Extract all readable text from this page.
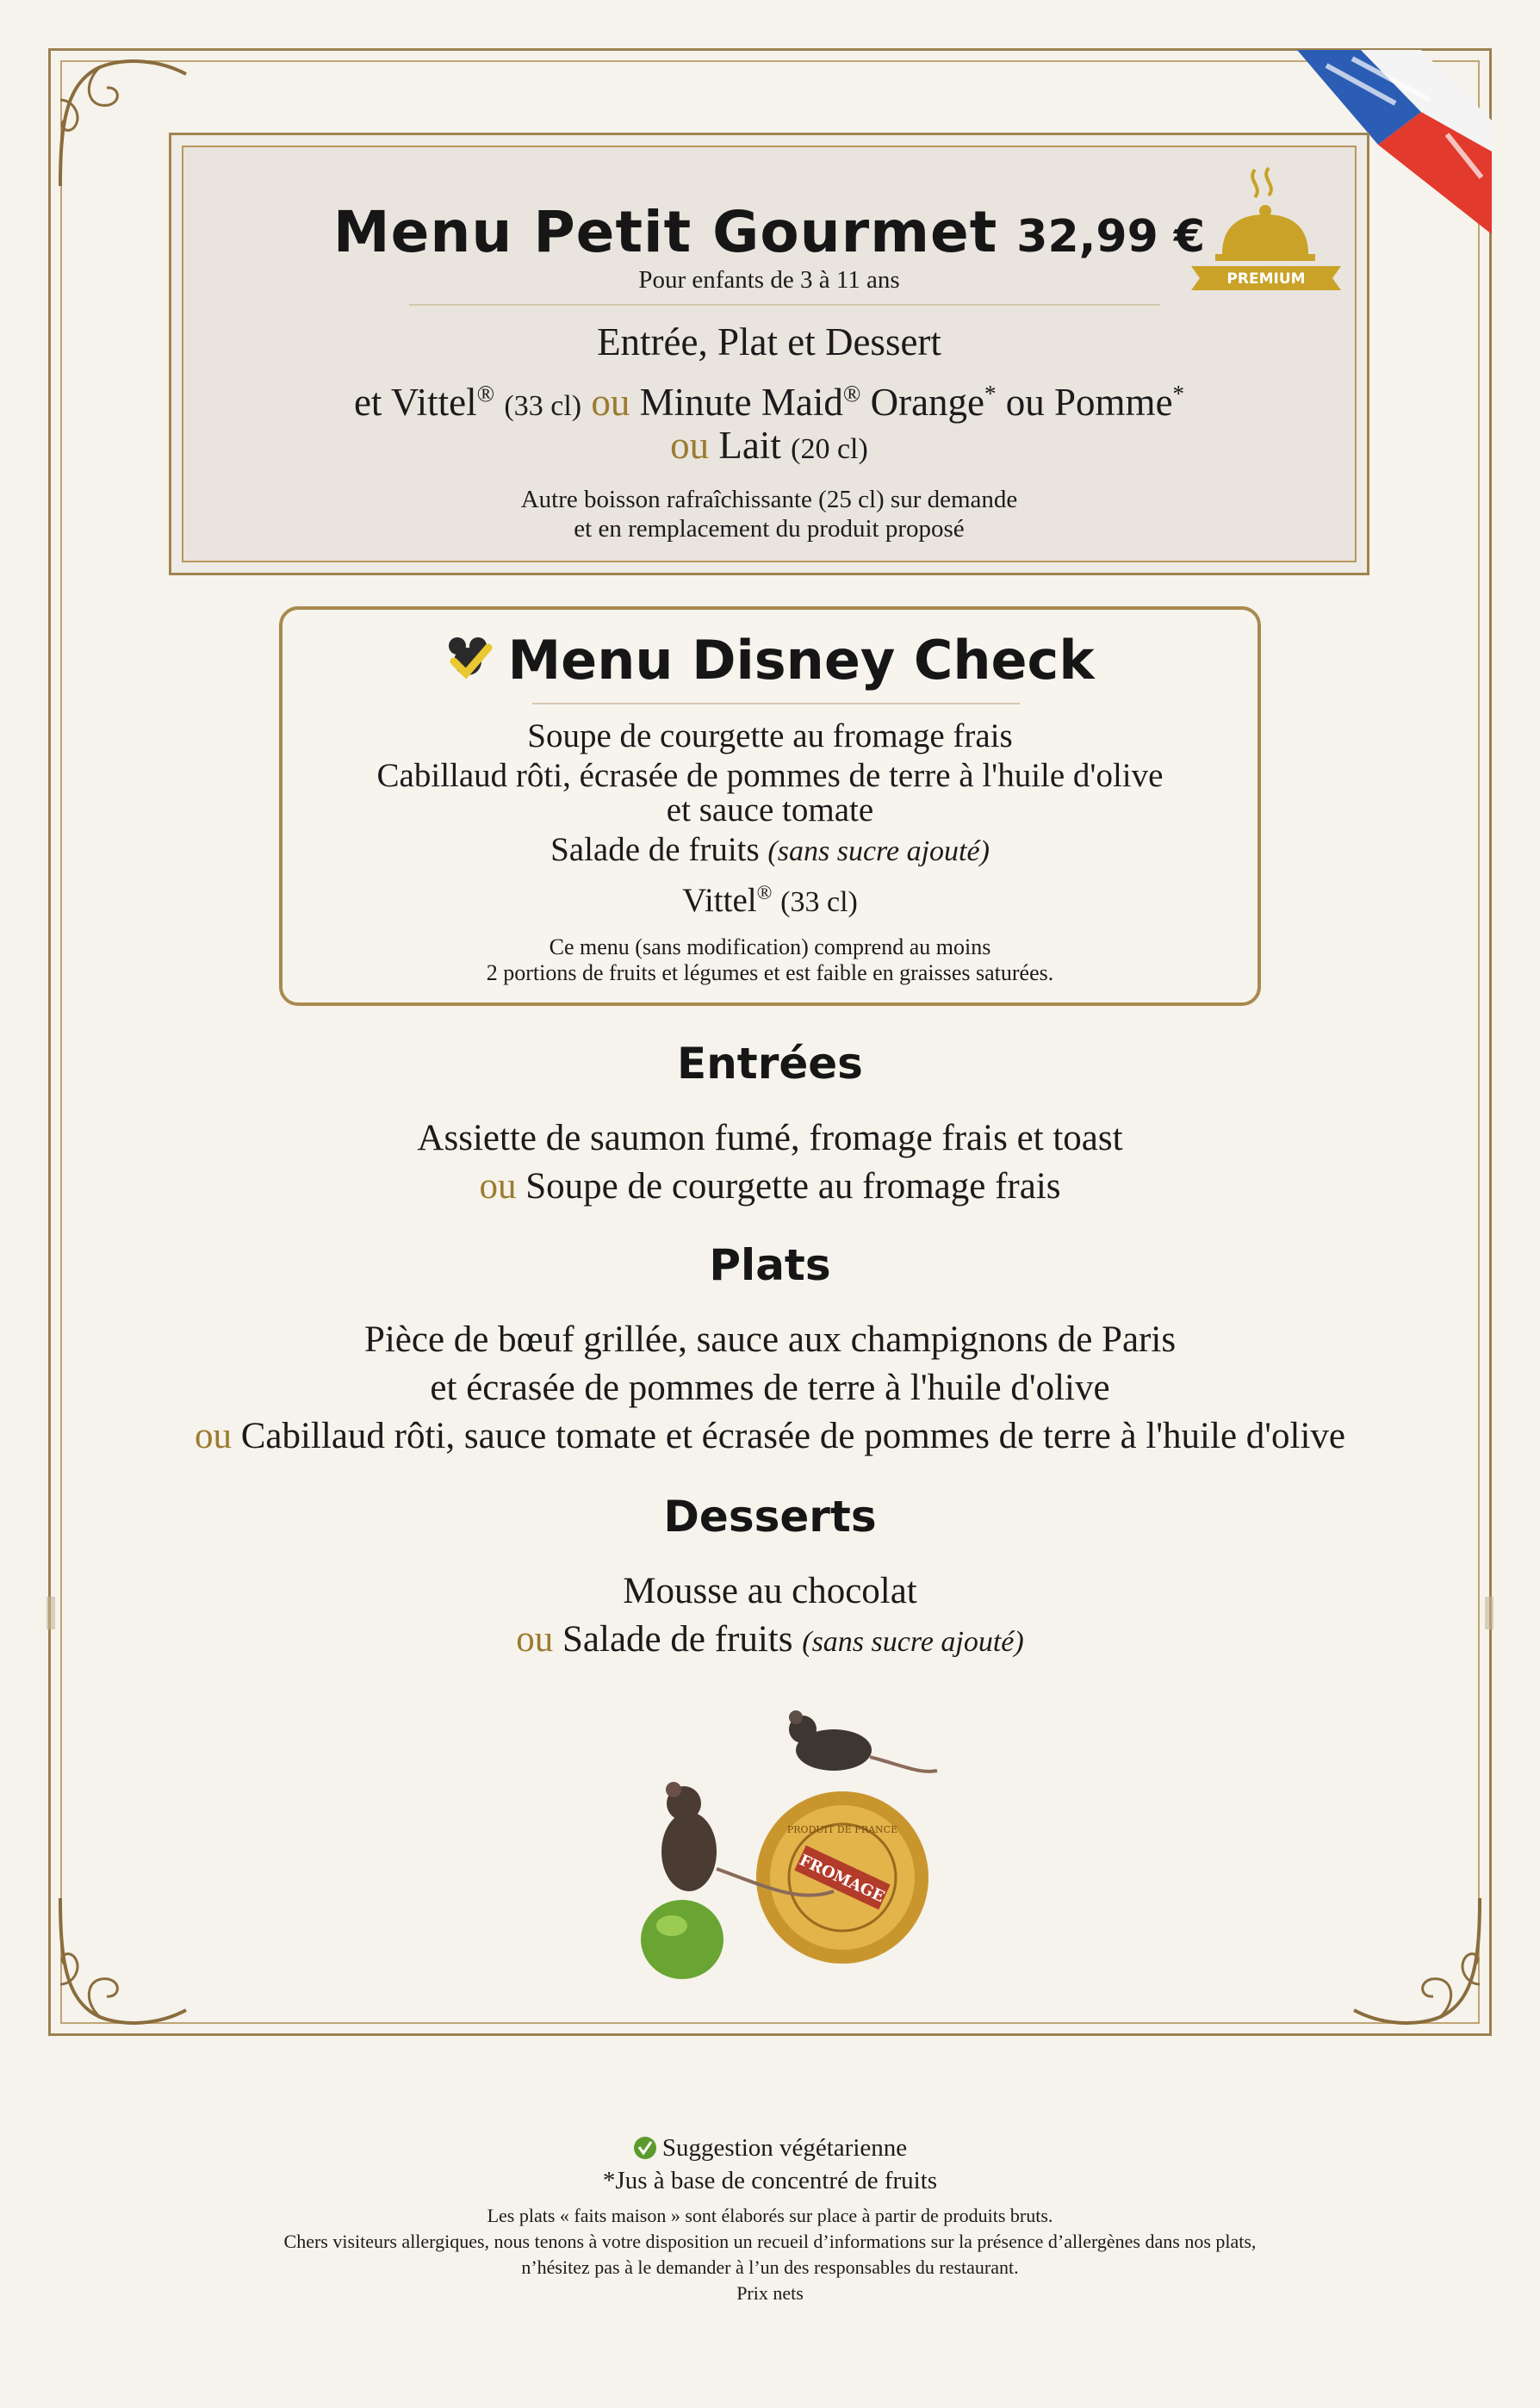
Menu Petit Gourmet 32,99 €
Pour enfants de 3 à 11 ans
Entrée, Plat et Dessert
et Vittel® (33 cl) ou Minute Maid® Orange* ou Pomme*
ou Lait (20 cl)
Autre boisson rafraîchissante (25 cl) sur demande
et en remplacement du produit proposé
PREMIUM
Menu Disney Check
Soupe de courgette au fromage frais
Cabillaud rôti, écrasée de pommes de terre à l'huile d'olive
et sauce tomate
Salade de fruits (sans sucre ajouté)
Vittel® (33 cl)
Ce menu (sans modification) comprend au moins
2 portions de fruits et légumes et est faible en graisses saturées.
Entrées
Assiette de saumon fumé, fromage frais et toast
ou Soupe de courgette au fromage frais
Plats
Pièce de bœuf grillée, sauce aux champignons de Paris
et écrasée de pommes de terre à l'huile d'olive
ou Cabillaud rôti, sauce tomate et écrasée de pommes de terre à l'huile d'olive
Desserts
Mousse au chocolat
ou Salade de fruits (sans sucre ajouté)
FROMAGE
PRODUIT DE FRANCE
Suggestion végétarienne
*Jus à base de concentré de fruits
Les plats « faits maison » sont élaborés sur place à partir de produits bruts.
Chers visiteurs allergiques, nous tenons à votre disposition un recueil d’informations sur la présence d’allergènes dans nos plats,
n’hésitez pas à le demander à l’un des responsables du restaurant.
Prix nets
